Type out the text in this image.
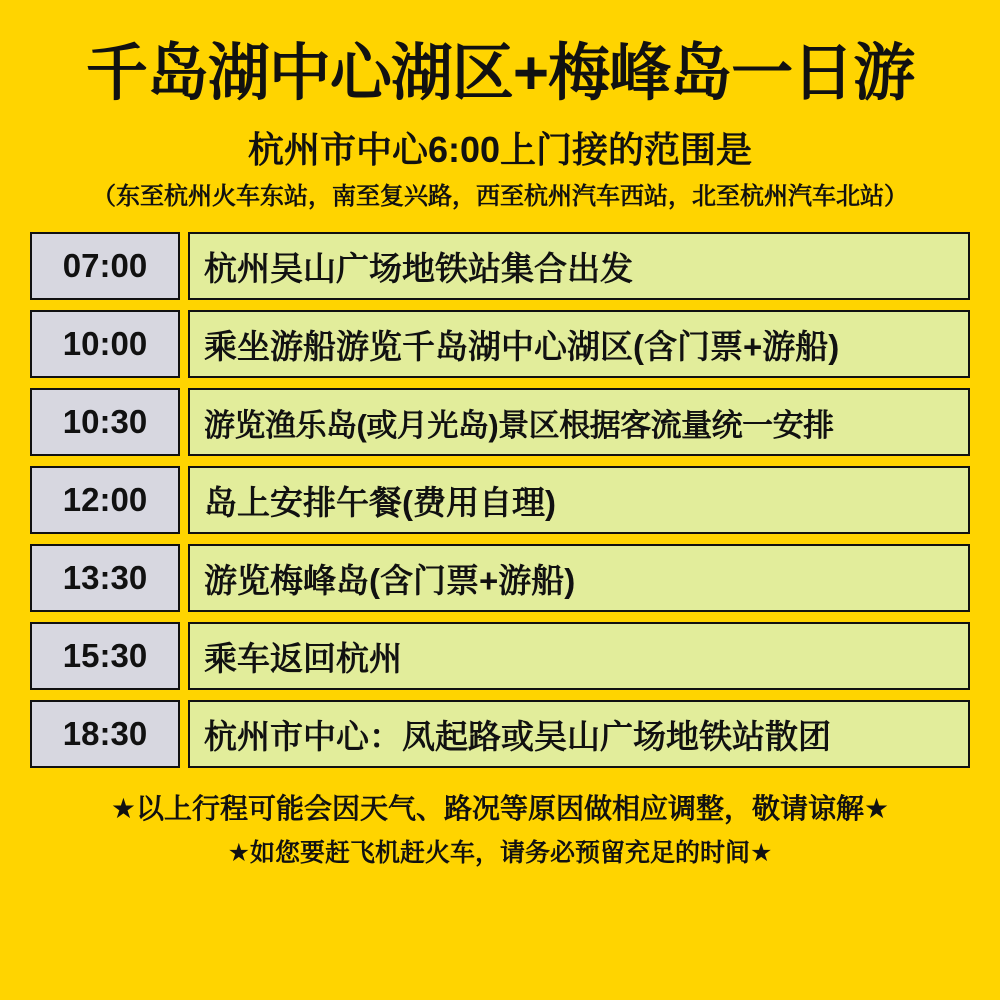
千岛湖中心湖区+梅峰岛一日游
杭州市中心6:00上门接的范围是
（东至杭州火车东站，南至复兴路，西至杭州汽车西站，北至杭州汽车北站）
07:00	杭州吴山广场地铁站集合出发
10:00	乘坐游船游览千岛湖中心湖区(含门票+游船)
10:30	游览渔乐岛(或月光岛)景区根据客流量统一安排
12:00	岛上安排午餐(费用自理)
13:30	游览梅峰岛(含门票+游船)
15:30	乘车返回杭州
18:30	杭州市中心：凤起路或吴山广场地铁站散团
★以上行程可能会因天气、路况等原因做相应调整，敬请谅解★
★如您要赶飞机赶火车，请务必预留充足的时间★
